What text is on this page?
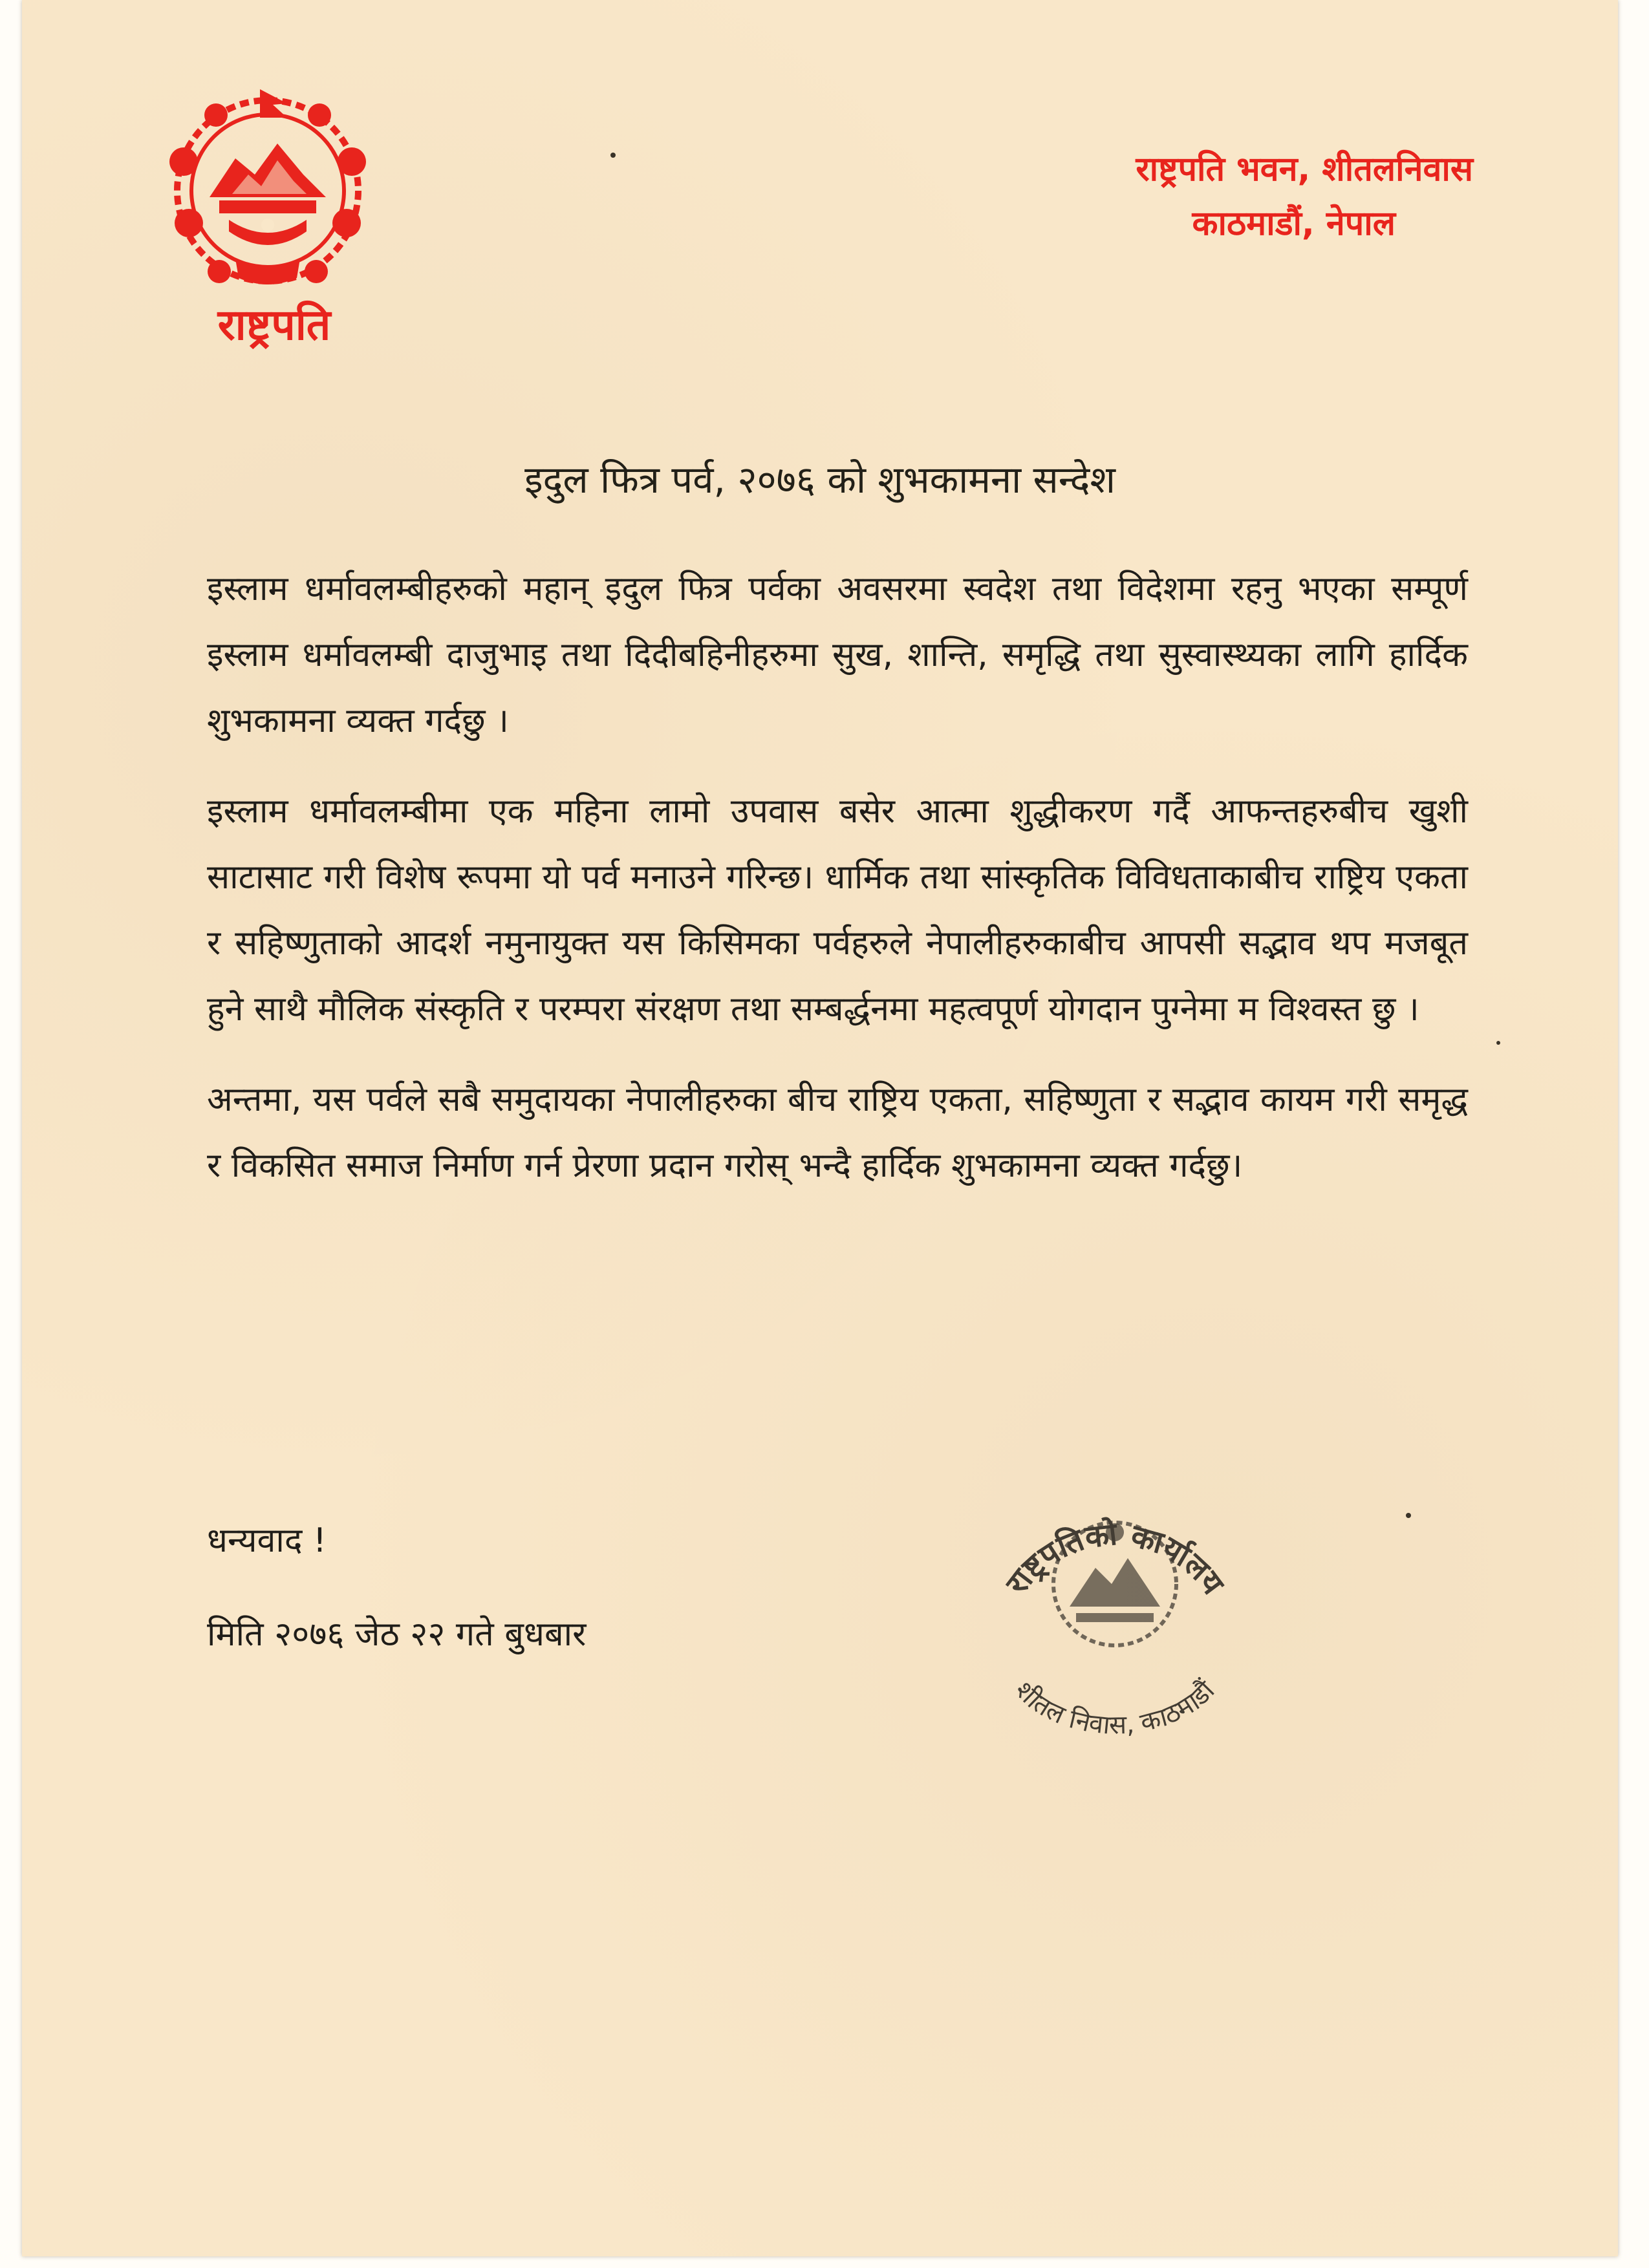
राष्ट्रपति
राष्ट्रपति भवन, शीतलनिवास
काठमाडौं, नेपाल
इदुल फित्र पर्व, २०७६ को शुभकामना सन्देश

इस्लाम धर्मावलम्बीहरुको महान् इदुल फित्र पर्वका अवसरमा स्वदेश तथा विदेशमा रहनु भएका सम्पूर्ण इस्लाम धर्मावलम्बी दाजुभाइ तथा दिदीबहिनीहरुमा सुख, शान्ति, समृद्धि तथा सुस्वास्थ्यका लागि हार्दिक शुभकामना व्यक्त गर्दछु ।

इस्लाम धर्मावलम्बीमा एक महिना लामो उपवास बसेर आत्मा शुद्धीकरण गर्दै आफन्तहरुबीच खुशी साटासाट गरी विशेष रूपमा यो पर्व मनाउने गरिन्छ। धार्मिक तथा सांस्कृतिक विविधताकाबीच राष्ट्रिय एकता र सहिष्णुताको आदर्श नमुनायुक्त यस किसिमका पर्वहरुले नेपालीहरुकाबीच आपसी सद्भाव थप मजबूत हुने साथै मौलिक संस्कृति र परम्परा संरक्षण तथा सम्बर्द्धनमा महत्वपूर्ण योगदान पुग्नेमा म विश्वस्त छु ।

अन्तमा, यस पर्वले सबै समुदायका नेपालीहरुका बीच राष्ट्रिय एकता, सहिष्णुता र सद्भाव कायम गरी समृद्ध र विकसित समाज निर्माण गर्न प्रेरणा प्रदान गरोस् भन्दै हार्दिक शुभकामना व्यक्त गर्दछु।

धन्यवाद !
मिति २०७६ जेठ २२ गते बुधबार
राष्ट्रपतिको कार्यालय
शीतल निवास, काठमाडौं
